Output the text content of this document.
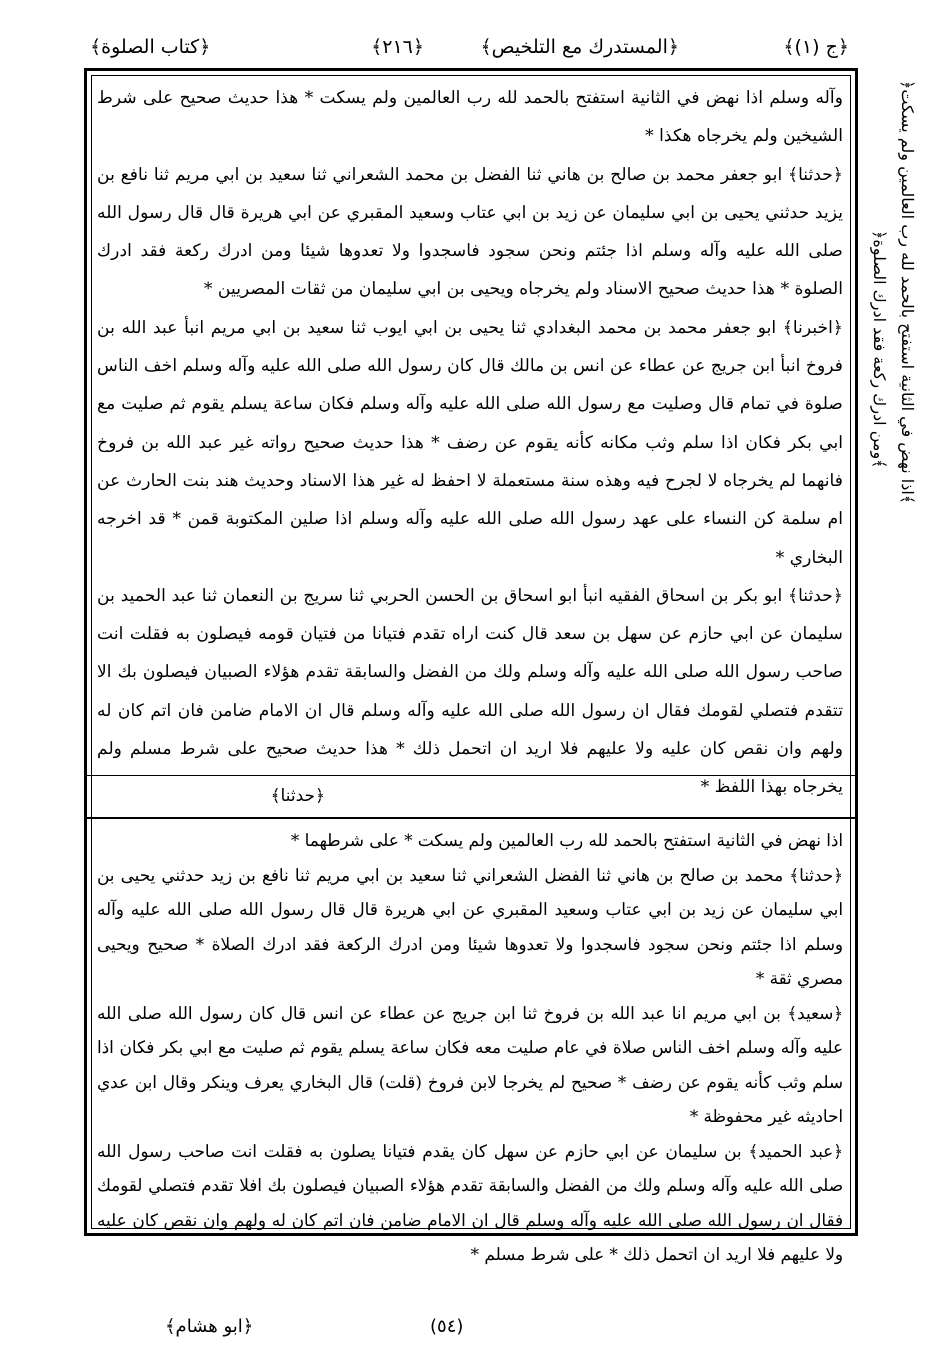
﴿ج (١)﴾
﴿المستدرك مع التلخيص﴾
﴿٢١٦﴾
﴿كتاب الصلوة﴾

وآله وسلم اذا نهض في الثانية استفتح بالحمد لله رب العالمين ولم يسكت * هذا حديث صحيح على شرط الشيخين ولم يخرجاه هكذا *

﴿حدثنا﴾ ابو جعفر محمد بن صالح بن هاني ثنا الفضل بن محمد الشعراني ثنا سعيد بن ابي مريم ثنا نافع بن يزيد حدثني يحيى بن ابي سليمان عن زيد بن ابي عتاب وسعيد المقبري عن ابي هريرة قال قال رسول الله صلى الله عليه وآله وسلم اذا جئتم ونحن سجود فاسجدوا ولا تعدوها شيئا ومن ادرك ركعة فقد ادرك الصلوة * هذا حديث صحيح الاسناد ولم يخرجاه ويحيى بن ابي سليمان من ثقات المصريين *

﴿اخبرنا﴾ ابو جعفر محمد بن محمد البغدادي ثنا يحيى بن ابي ايوب ثنا سعيد بن ابي مريم انبأ عبد الله بن فروخ انبأ ابن جريج عن عطاء عن انس بن مالك قال كان رسول الله صلى الله عليه وآله وسلم اخف الناس صلوة في تمام قال وصليت مع رسول الله صلى الله عليه وآله وسلم فكان ساعة يسلم يقوم ثم صليت مع ابي بكر فكان اذا سلم وثب مكانه كأنه يقوم عن رضف * هذا حديث صحيح رواته غير عبد الله بن فروخ فانهما لم يخرجاه لا لجرح فيه وهذه سنة مستعملة لا احفظ له غير هذا الاسناد وحديث هند بنت الحارث عن ام سلمة كن النساء على عهد رسول الله صلى الله عليه وآله وسلم اذا صلين المكتوبة قمن * قد اخرجه البخاري *

﴿حدثنا﴾ ابو بكر بن اسحاق الفقيه انبأ ابو اسحاق بن الحسن الحربي ثنا سريج بن النعمان ثنا عبد الحميد بن سليمان عن ابي حازم عن سهل بن سعد قال كنت اراه تقدم فتيانا من فتيان قومه فيصلون به فقلت انت صاحب رسول الله صلى الله عليه وآله وسلم ولك من الفضل والسابقة تقدم هؤلاء الصبيان فيصلون بك الا تتقدم فتصلي لقومك فقال ان رسول الله صلى الله عليه وآله وسلم قال ان الامام ضامن فان اتم كان له ولهم وان نقص كان عليه ولا عليهم فلا اريد ان اتحمل ذلك * هذا حديث صحيح على شرط مسلم ولم يخرجاه بهذا اللفظ *

﴿حدثنا﴾

اذا نهض في الثانية استفتح بالحمد لله رب العالمين ولم يسكت * على شرطهما *

﴿حدثنا﴾ محمد بن صالح بن هاني ثنا الفضل الشعراني ثنا سعيد بن ابي مريم ثنا نافع بن زيد حدثني يحيى بن ابي سليمان عن زيد بن ابي عتاب وسعيد المقبري عن ابي هريرة قال قال رسول الله صلى الله عليه وآله وسلم اذا جئتم ونحن سجود فاسجدوا ولا تعدوها شيئا ومن ادرك الركعة فقد ادرك الصلاة * صحيح ويحيى مصري ثقة *

﴿سعيد﴾ بن ابي مريم انا عبد الله بن فروخ ثنا ابن جريج عن عطاء عن انس قال كان رسول الله صلى الله عليه وآله وسلم اخف الناس صلاة في عام صليت معه فكان ساعة يسلم يقوم ثم صليت مع ابي بكر فكان اذا سلم وثب كأنه يقوم عن رضف * صحيح لم يخرجا لابن فروخ (قلت) قال البخاري يعرف وينكر وقال ابن عدي احاديثه غير محفوظة *

﴿عبد الحميد﴾ بن سليمان عن ابي حازم عن سهل كان يقدم فتيانا يصلون به فقلت انت صاحب رسول الله صلى الله عليه وآله وسلم ولك من الفضل والسابقة تقدم هؤلاء الصبيان فيصلون بك افلا تقدم فتصلي لقومك فقال ان رسول الله صلى الله عليه وآله وسلم قال ان الامام ضامن فان اتم كان له ولهم وان نقص كان عليه ولا عليهم فلا اريد ان اتحمل ذلك * على شرط مسلم *

﴿اذا نهض في الثانية استفتح بالحمد لله رب العالمين ولم يسكت﴾
﴿ومن ادرك ركعة فقد ادرك الصلوة﴾
(٥٤)
﴿ابو هشام﴾
